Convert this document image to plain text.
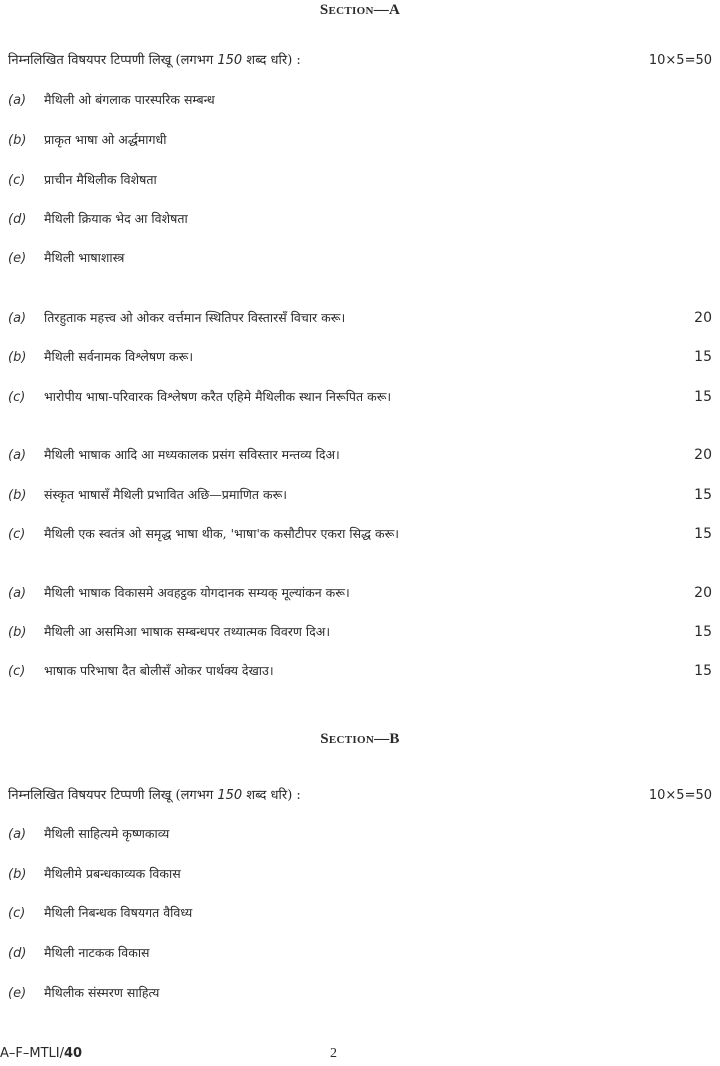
Section—A
निम्नलिखित विषयपर टिप्पणी लिखू (लगभग 150 शब्द धरि) :	10×5=50
(a)	मैथिली ओ बंगलाक पारस्परिक सम्बन्ध
(b)	प्राकृत भाषा ओ अर्द्धमागधी
(c)	प्राचीन मैथिलीक विशेषता
(d)	मैथिली क्रियाक भेद आ विशेषता
(e)	मैथिली भाषाशास्त्र
(a)	तिरहुताक महत्त्व ओ ओकर वर्त्तमान स्थितिपर विस्तारसँ विचार करू।	20
(b)	मैथिली सर्वनामक विश्लेषण करू।	15
(c)	भारोपीय भाषा-परिवारक विश्लेषण करैत एहिमे मैथिलीक स्थान निरूपित करू।	15
(a)	मैथिली भाषाक आदि आ मध्यकालक प्रसंग सविस्तार मन्तव्य दिअ।	20
(b)	संस्कृत भाषासँ मैथिली प्रभावित अछि—प्रमाणित करू।	15
(c)	मैथिली एक स्वतंत्र ओ समृद्ध भाषा थीक, 'भाषा'क कसौटीपर एकरा सिद्ध करू।	15
(a)	मैथिली भाषाक विकासमे अवहट्ठक योगदानक सम्यक् मूल्यांकन करू।	20
(b)	मैथिली आ असमिआ भाषाक सम्बन्धपर तथ्यात्मक विवरण दिअ।	15
(c)	भाषाक परिभाषा दैत बोलीसँ ओकर पार्थक्य देखाउ।	15
Section—B
निम्नलिखित विषयपर टिप्पणी लिखू (लगभग 150 शब्द धरि) :	10×5=50
(a)	मैथिली साहित्यमे कृष्णकाव्य
(b)	मैथिलीमे प्रबन्धकाव्यक विकास
(c)	मैथिली निबन्धक विषयगत वैविध्य
(d)	मैथिली नाटकक विकास
(e)	मैथिलीक संस्मरण साहित्य
A–F–MTLI/40	2
